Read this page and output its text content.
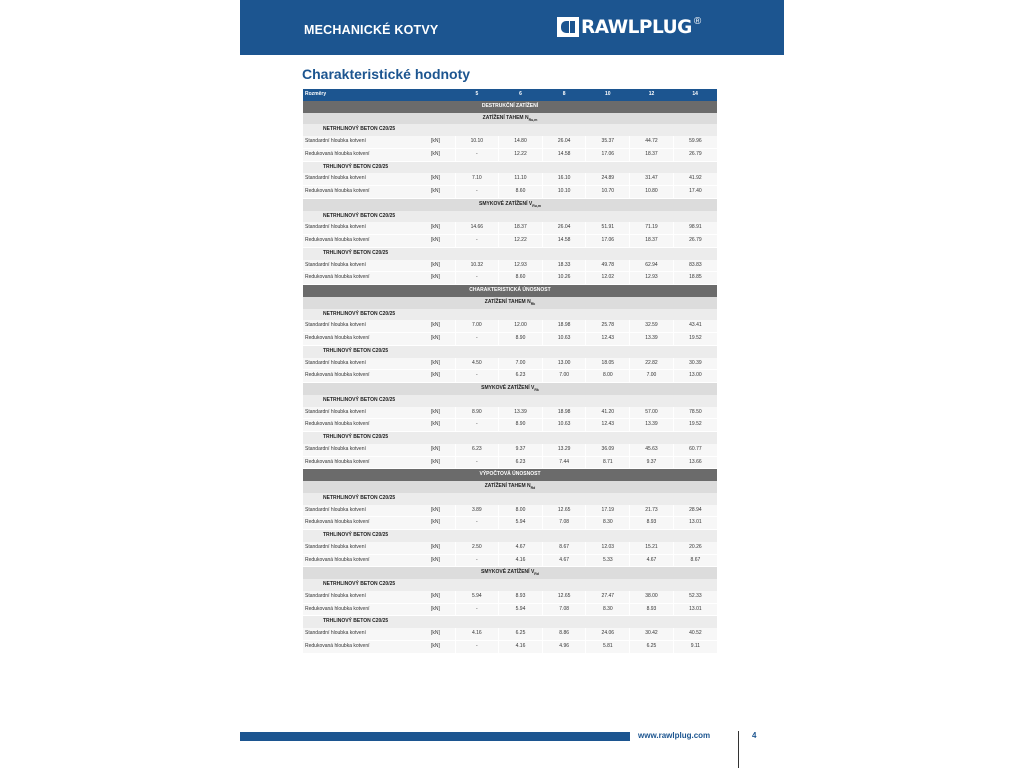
MECHANICKÉ KOTVY	RAWLPLUG ®
Charakteristické hodnoty
Rozměry		5	6	8	10	12	14
DESTRUKČNÍ ZATÍŽENÍ							
ZATÍŽENÍ TAHEM $N_{Ru,m}$
NETRHLINOVÝ BETON C20/25							
Standardní hloubka kotvení	[kN]	10.10	14.80	26.04	35.37	44.72	59.96
Redukovaná hloubka kotvení	[kN]	-	12.22	14.58	17.06	18.37	26.79
TRHLINOVÝ BETON C20/25							
Standardní hloubka kotvení	[kN]	7.10	11.10	16.10	24.89	31.47	41.92
Redukovaná hloubka kotvení	[kN]	-	8.60	10.10	10.70	10.80	17.40
SMYKOVÉ ZATÍŽENÍ $V_{Ru,m}$
NETRHLINOVÝ BETON C20/25							
Standardní hloubka kotvení	[kN]	14.66	18.37	26.04	51.91	71.19	98.91
Redukovaná hloubka kotvení	[kN]	-	12.22	14.58	17.06	18.37	26.79
TRHLINOVÝ BETON C20/25							
Standardní hloubka kotvení	[kN]	10.32	12.93	18.33	49.78	62.94	83.83
Redukovaná hloubka kotvení	[kN]	-	8.60	10.26	12.02	12.93	18.85
CHARAKTERISTICKÁ ÚNOSNOST							
ZATÍŽENÍ TAHEM $N_{Rk}$
NETRHLINOVÝ BETON C20/25							
Standardní hloubka kotvení	[kN]	7.00	12.00	18.98	25.78	32.59	43.41
Redukovaná hloubka kotvení	[kN]	-	8.90	10.63	12.43	13.39	19.52
TRHLINOVÝ BETON C20/25							
Standardní hloubka kotvení	[kN]	4.50	7.00	13.00	18.05	22.82	30.39
Redukovaná hloubka kotvení	[kN]	-	6.23	7.00	8.00	7.00	13.00
SMYKOVÉ ZATÍŽENÍ $V_{Rk}$
NETRHLINOVÝ BETON C20/25							
Standardní hloubka kotvení	[kN]	8.90	13.39	18.98	41.20	57.00	78.50
Redukovaná hloubka kotvení	[kN]	-	8.90	10.63	12.43	13.39	19.52
TRHLINOVÝ BETON C20/25							
Standardní hloubka kotvení	[kN]	6.23	9.37	13.29	36.09	45.63	60.77
Redukovaná hloubka kotvení	[kN]	-	6.23	7.44	8.71	9.37	13.66
VÝPOČTOVÁ ÚNOSNOST							
ZATÍŽENÍ TAHEM $N_{Rd}$
NETRHLINOVÝ BETON C20/25							
Standardní hloubka kotvení	[kN]	3.89	8.00	12.65	17.19	21.73	28.94
Redukovaná hloubka kotvení	[kN]	-	5.94	7.08	8.30	8.93	13.01
TRHLINOVÝ BETON C20/25							
Standardní hloubka kotvení	[kN]	2.50	4.67	8.67	12.03	15.21	20.26
Redukovaná hloubka kotvení	[kN]	-	4.16	4.67	5.33	4.67	8.67
SMYKOVÉ ZATÍŽENÍ $V_{Rd}$
NETRHLINOVÝ BETON C20/25							
Standardní hloubka kotvení	[kN]	5.94	8.93	12.65	27.47	38.00	52.33
Redukovaná hloubka kotvení	[kN]	-	5.94	7.08	8.30	8.93	13.01
TRHLINOVÝ BETON C20/25							
Standardní hloubka kotvení	[kN]	4.16	6.25	8.86	24.06	30.42	40.52
Redukovaná hloubka kotvení	[kN]	-	4.16	4.96	5.81	6.25	9.11
www.rawlplug.com	4
